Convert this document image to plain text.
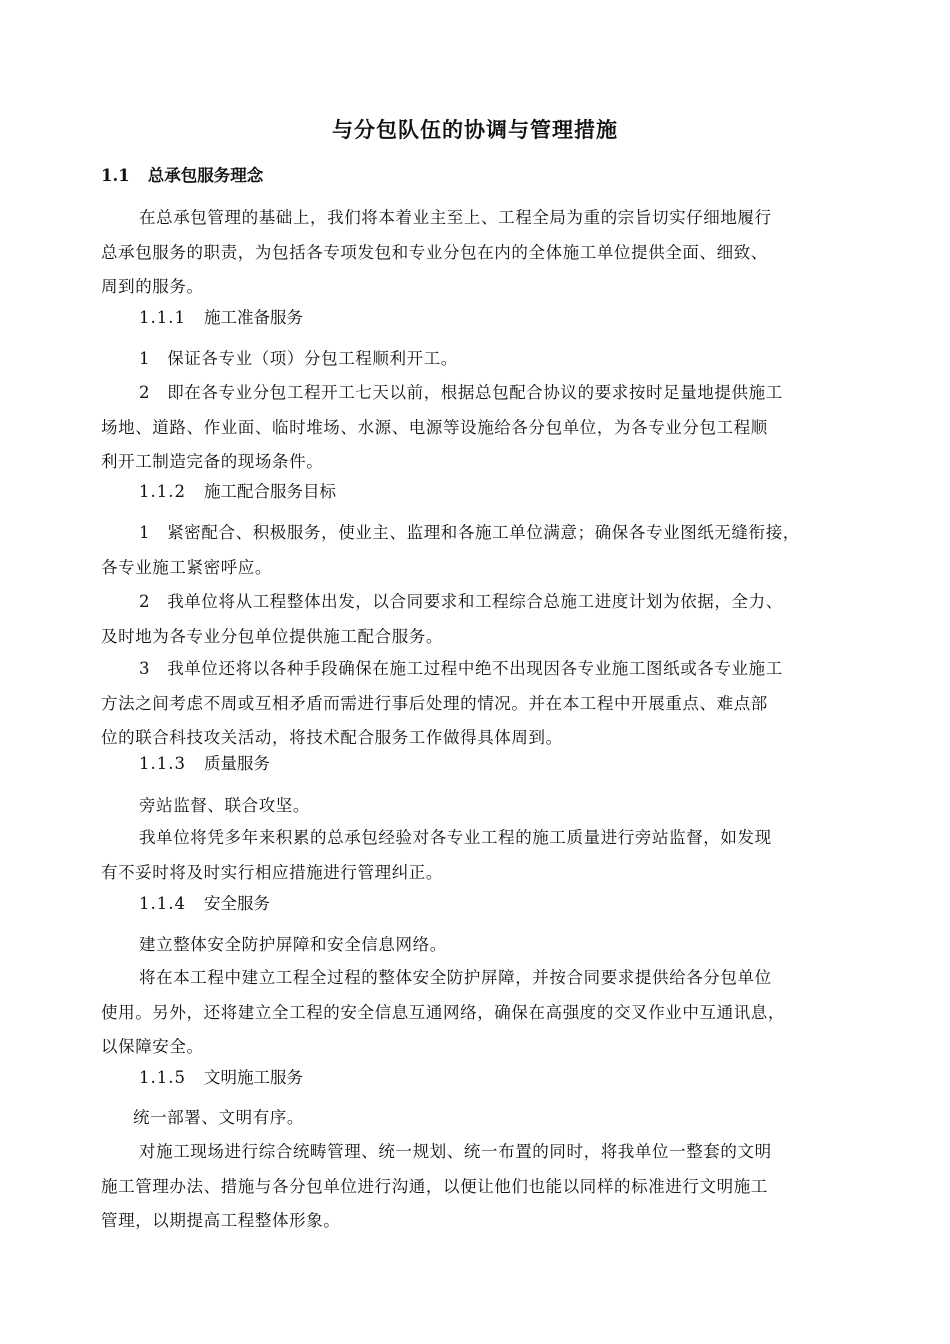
与分包队伍的协调与管理措施
1.1 总承包服务理念
在总承包管理的基础上，我们将本着业主至上、工程全局为重的宗旨切实仔细地履行
总承包服务的职责，为包括各专项发包和专业分包在内的全体施工单位提供全面、细致、
周到的服务。
1.1.1 施工准备服务
1　保证各专业（项）分包工程顺利开工。
2　即在各专业分包工程开工七天以前，根据总包配合协议的要求按时足量地提供施工
场地、道路、作业面、临时堆场、水源、电源等设施给各分包单位，为各专业分包工程顺
利开工制造完备的现场条件。
1.1.2 施工配合服务目标
1　紧密配合、积极服务，使业主、监理和各施工单位满意；确保各专业图纸无缝衔接，
各专业施工紧密呼应。
2　我单位将从工程整体出发，以合同要求和工程综合总施工进度计划为依据，全力、
及时地为各专业分包单位提供施工配合服务。
3　我单位还将以各种手段确保在施工过程中绝不出现因各专业施工图纸或各专业施工
方法之间考虑不周或互相矛盾而需进行事后处理的情况。并在本工程中开展重点、难点部
位的联合科技攻关活动，将技术配合服务工作做得具体周到。
1.1.3 质量服务
旁站监督、联合攻坚。
我单位将凭多年来积累的总承包经验对各专业工程的施工质量进行旁站监督，如发现
有不妥时将及时实行相应措施进行管理纠正。
1.1.4 安全服务
建立整体安全防护屏障和安全信息网络。
将在本工程中建立工程全过程的整体安全防护屏障，并按合同要求提供给各分包单位
使用。另外，还将建立全工程的安全信息互通网络，确保在高强度的交叉作业中互通讯息，
以保障安全。
1.1.5 文明施工服务
统一部署、文明有序。
对施工现场进行综合统畴管理、统一规划、统一布置的同时，将我单位一整套的文明
施工管理办法、措施与各分包单位进行沟通，以便让他们也能以同样的标准进行文明施工
管理，以期提高工程整体形象。
